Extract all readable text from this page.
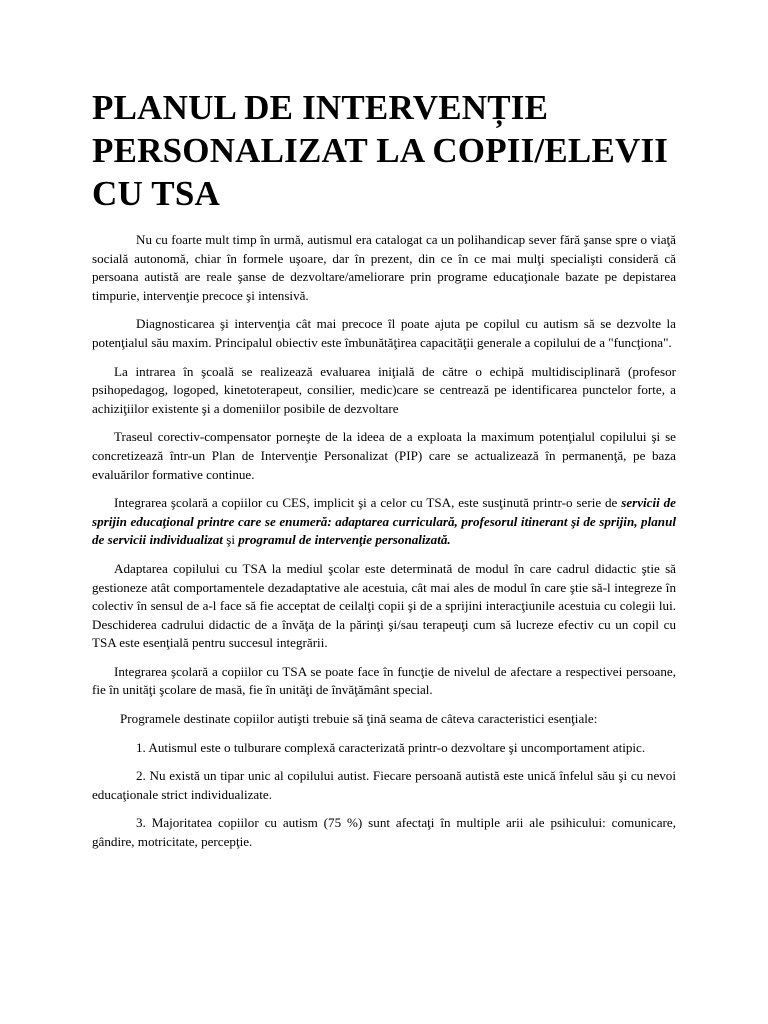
PLANUL DE INTERVENȚIE PERSONALIZAT LA COPII/ELEVII CU TSA

Nu cu foarte mult timp în urmă, autismul era catalogat ca un polihandicap sever fără şanse spre o viaţă socială autonomă, chiar în formele uşoare, dar în prezent, din ce în ce mai mulţi specialişti consideră că persoana autistă are reale şanse de dezvoltare/ameliorare prin programe educaţionale bazate pe depistarea timpurie, intervenţie precoce şi intensivă.

Diagnosticarea şi intervenţia cât mai precoce îl poate ajuta pe copilul cu autism să se dezvolte la potenţialul său maxim. Principalul obiectiv este îmbunătăţirea capacităţii generale a copilului de a "funcţiona".

La intrarea în şcoală se realizează evaluarea iniţială de către o echipă multidisciplinară (profesor psihopedagog, logoped, kinetoterapeut, consilier, medic)care se centrează pe identificarea punctelor forte, a achiziţiilor existente şi a domeniilor posibile de dezvoltare

Traseul corectiv-compensator porneşte de la ideea de a exploata la maximum potenţialul copilului şi se concretizează într-un Plan de Intervenţie Personalizat (PIP) care se actualizează în permanenţă, pe baza evaluărilor formative continue.

Integrarea şcolară a copiilor cu CES, implicit şi a celor cu TSA, este susţinută printr-o serie de servicii de sprijin educaţional printre care se enumeră: adaptarea curriculară, profesorul itinerant şi de sprijin, planul de servicii individualizat şi programul de intervenţie personalizată.

Adaptarea copilului cu TSA la mediul şcolar este determinată de modul în care cadrul didactic ştie să gestioneze atât comportamentele dezadaptative ale acestuia, cât mai ales de modul în care ştie să-l integreze în colectiv în sensul de a-l face să fie acceptat de ceilalţi copii şi de a sprijini interacţiunile acestuia cu colegii lui. Deschiderea cadrului didactic de a învăţa de la părinţi şi/sau terapeuţi cum să lucreze efectiv cu un copil cu TSA este esenţială pentru succesul integrării.

Integrarea şcolară a copiilor cu TSA se poate face în funcţie de nivelul de afectare a respectivei persoane, fie în unităţi şcolare de masă, fie în unităţi de învăţământ special.

Programele destinate copiilor autişti trebuie să ţină seama de câteva caracteristici esenţiale:

1. Autismul este o tulburare complexă caracterizată printr-o dezvoltare şi uncomportament atipic.

2. Nu există un tipar unic al copilului autist. Fiecare persoană autistă este unică înfelul său şi cu nevoi educaţionale strict individualizate.

3. Majoritatea copiilor cu autism (75 %) sunt afectaţi în multiple arii ale psihicului: comunicare, gândire, motricitate, percepţie.
